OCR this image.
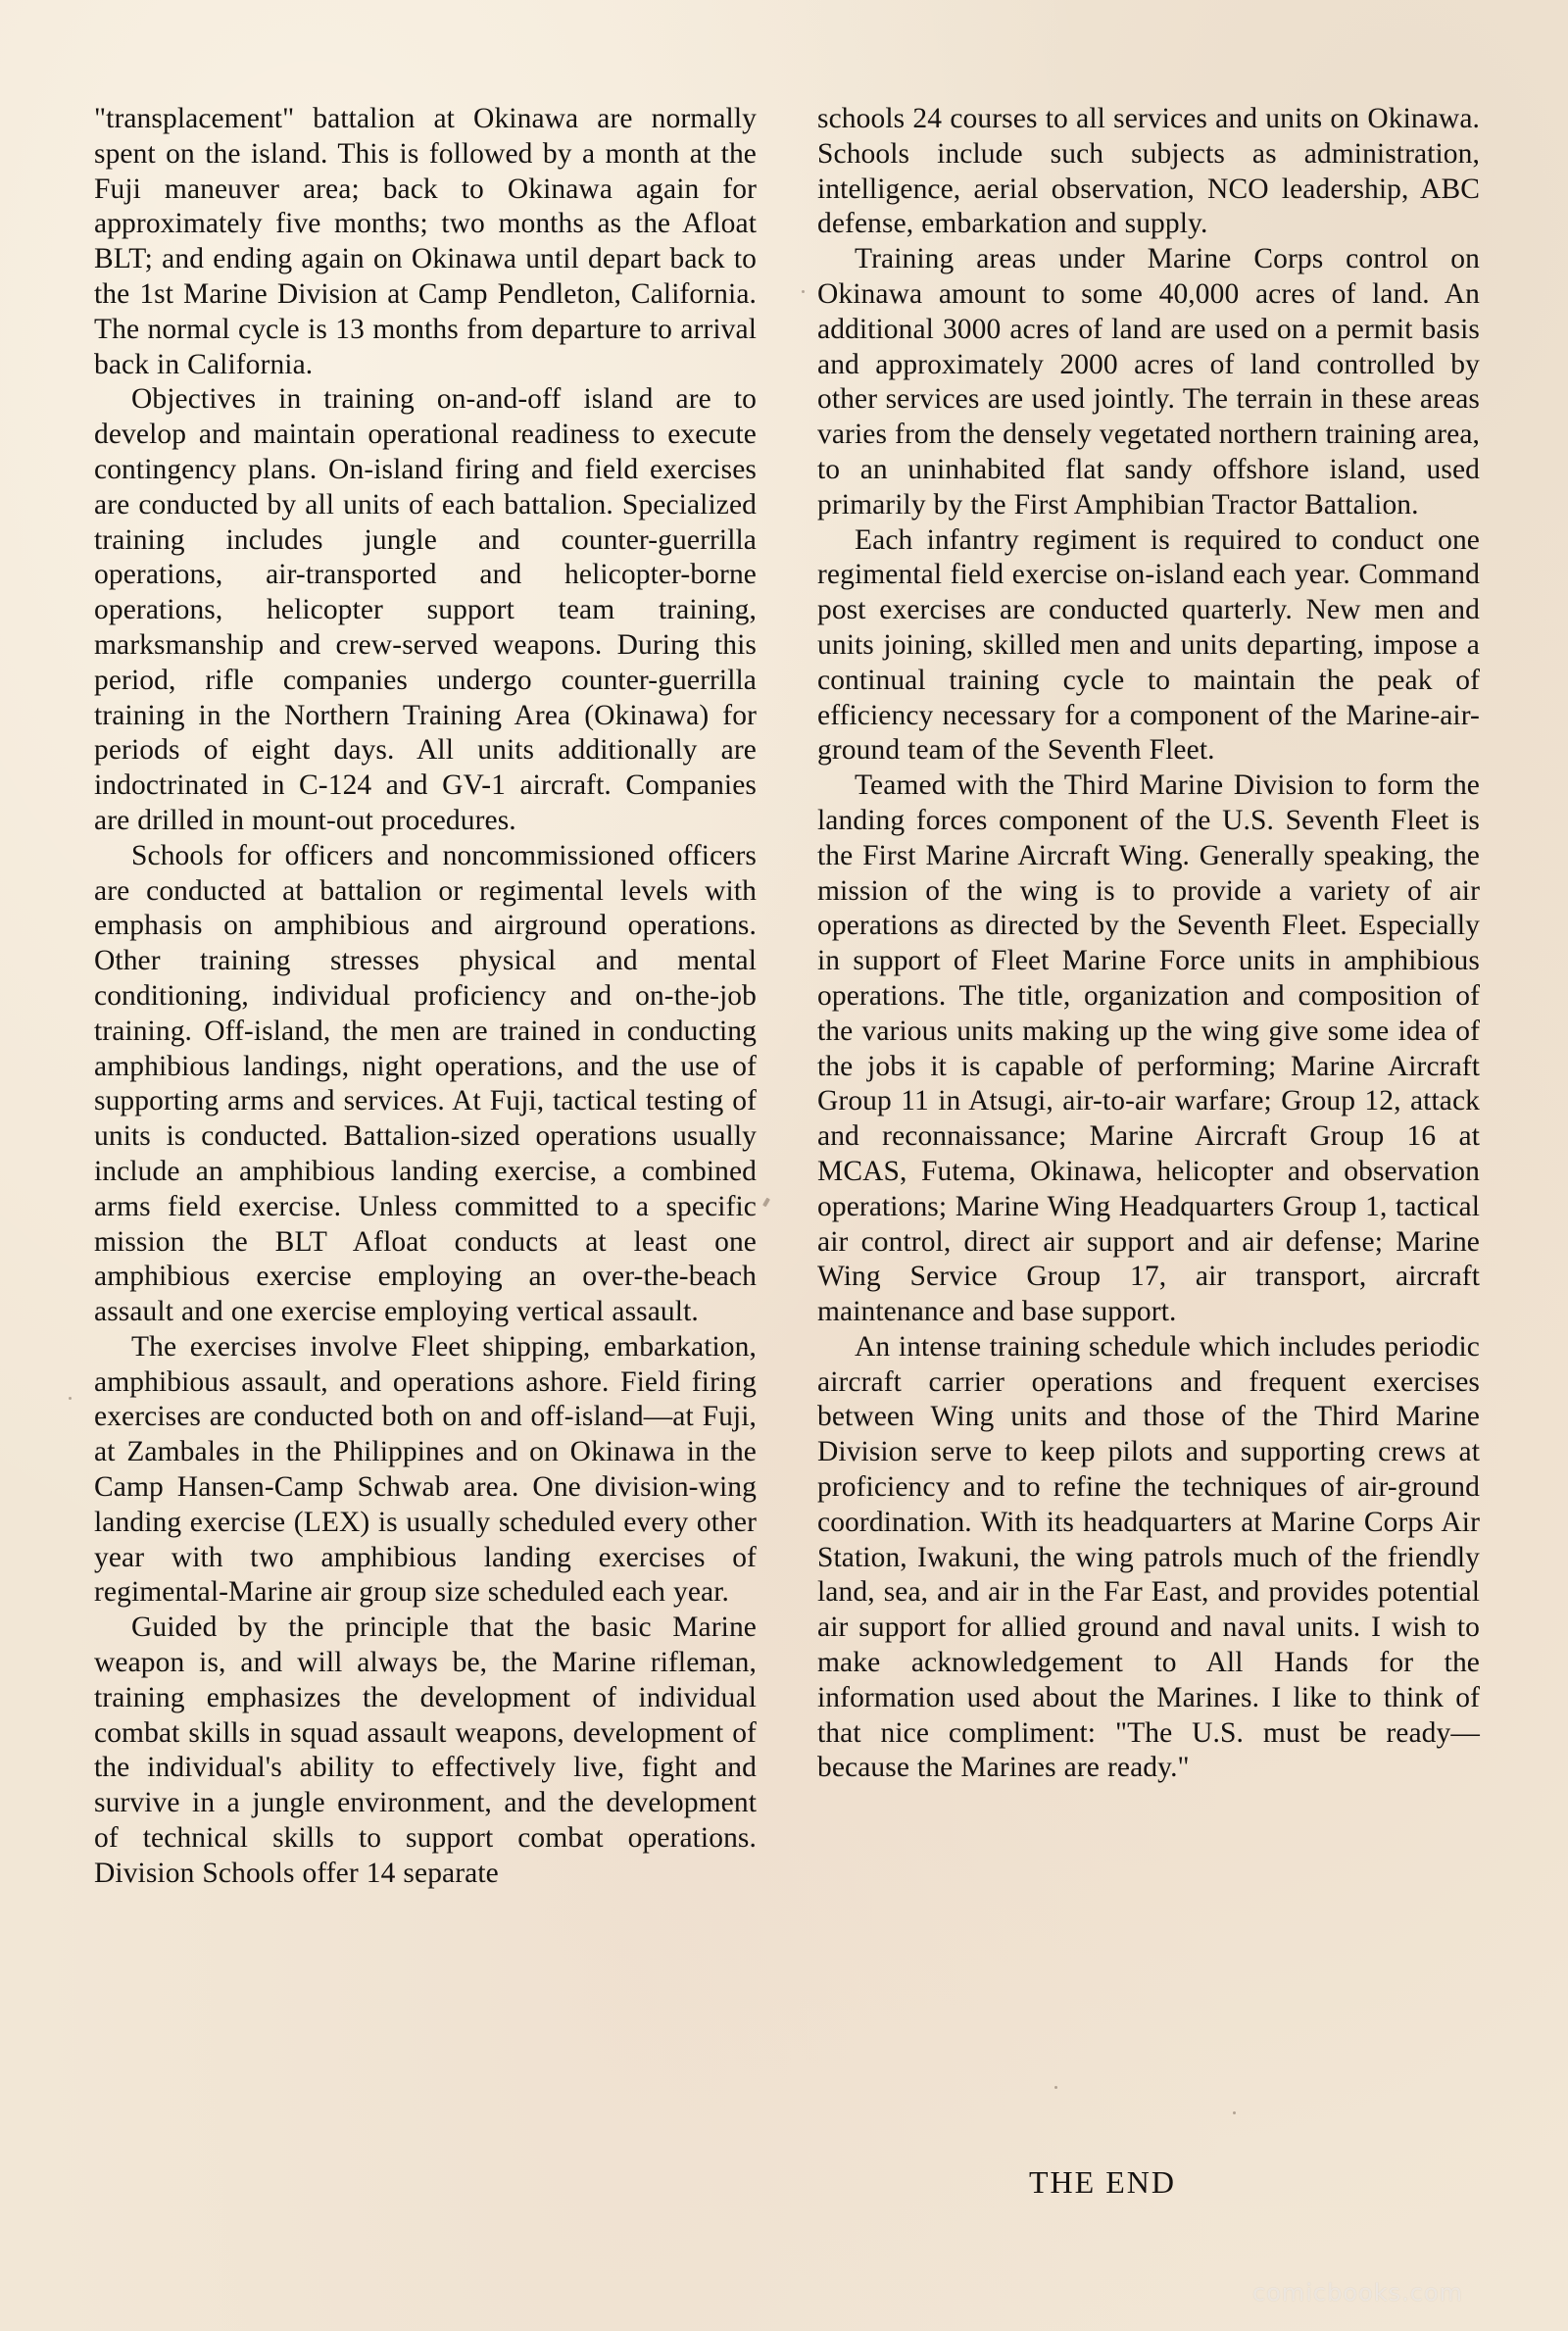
"transplacement" battalion at Okinawa are normally spent on the island. This is followed by a month at the Fuji maneuver area; back to Okinawa again for approximately five months; two months as the Afloat BLT; and ending again on Okinawa until depart back to the 1st Marine Division at Camp Pendleton, California. The normal cycle is 13 months from departure to arrival back in California.

Objectives in training on-and-off island are to develop and maintain operational readiness to execute contingency plans. On-island firing and field exercises are conducted by all units of each battalion. Specialized training includes jungle and counter-guerrilla operations, air-transported and helicopter-borne operations, helicopter support team training, marksmanship and crew-served weapons. During this period, rifle companies undergo counter-guerrilla training in the Northern Training Area (Okinawa) for periods of eight days. All units additionally are indoctrinated in C-124 and GV-1 aircraft. Companies are drilled in mount-out procedures.

Schools for officers and noncommissioned officers are conducted at battalion or regimental levels with emphasis on amphibious and airground operations. Other training stresses physical and mental conditioning, individual proficiency and on-the-job training. Off-island, the men are trained in conducting amphibious landings, night operations, and the use of supporting arms and services. At Fuji, tactical testing of units is conducted. Battalion-sized operations usually include an amphibious landing exercise, a combined arms field exercise. Unless committed to a specific mission the BLT Afloat conducts at least one amphibious exercise employing an over-the-beach assault and one exercise employing vertical assault.

The exercises involve Fleet shipping, embarkation, amphibious assault, and operations ashore. Field firing exercises are conducted both on and off-island—at Fuji, at Zambales in the Philippines and on Okinawa in the Camp Hansen-Camp Schwab area. One division-wing landing exercise (LEX) is usually scheduled every other year with two amphibious landing exercises of regimental-Marine air group size scheduled each year.

Guided by the principle that the basic Marine weapon is, and will always be, the Marine rifleman, training emphasizes the development of individual combat skills in squad assault weapons, development of the individual's ability to effectively live, fight and survive in a jungle environment, and the development of technical skills to support combat operations. Division Schools offer 14 separate

schools 24 courses to all services and units on Okinawa. Schools include such subjects as administration, intelligence, aerial observation, NCO leadership, ABC defense, embarkation and supply.

Training areas under Marine Corps control on Okinawa amount to some 40,000 acres of land. An additional 3000 acres of land are used on a permit basis and approximately 2000 acres of land controlled by other services are used jointly. The terrain in these areas varies from the densely vegetated northern training area, to an uninhabited flat sandy offshore island, used primarily by the First Amphibian Tractor Battalion.

Each infantry regiment is required to conduct one regimental field exercise on-island each year. Command post exercises are conducted quarterly. New men and units joining, skilled men and units departing, impose a continual training cycle to maintain the peak of efficiency necessary for a component of the Marine-air-ground team of the Seventh Fleet.

Teamed with the Third Marine Division to form the landing forces component of the U.S. Seventh Fleet is the First Marine Aircraft Wing. Generally speaking, the mission of the wing is to provide a variety of air operations as directed by the Seventh Fleet. Especially in support of Fleet Marine Force units in amphibious operations. The title, organization and composition of the various units making up the wing give some idea of the jobs it is capable of performing; Marine Aircraft Group 11 in Atsugi, air-to-air warfare; Group 12, attack and reconnaissance; Marine Aircraft Group 16 at MCAS, Futema, Okinawa, helicopter and observation operations; Marine Wing Headquarters Group 1, tactical air control, direct air support and air defense; Marine Wing Service Group 17, air transport, aircraft maintenance and base support.

An intense training schedule which includes periodic aircraft carrier operations and frequent exercises between Wing units and those of the Third Marine Division serve to keep pilots and supporting crews at proficiency and to refine the techniques of air-ground coordination. With its headquarters at Marine Corps Air Station, Iwakuni, the wing patrols much of the friendly land, sea, and air in the Far East, and provides potential air support for allied ground and naval units. I wish to make acknowledgement to All Hands for the information used about the Marines. I like to think of that nice compliment: "The U.S. must be ready—because the Marines are ready."

THE END
comicbooks.com
